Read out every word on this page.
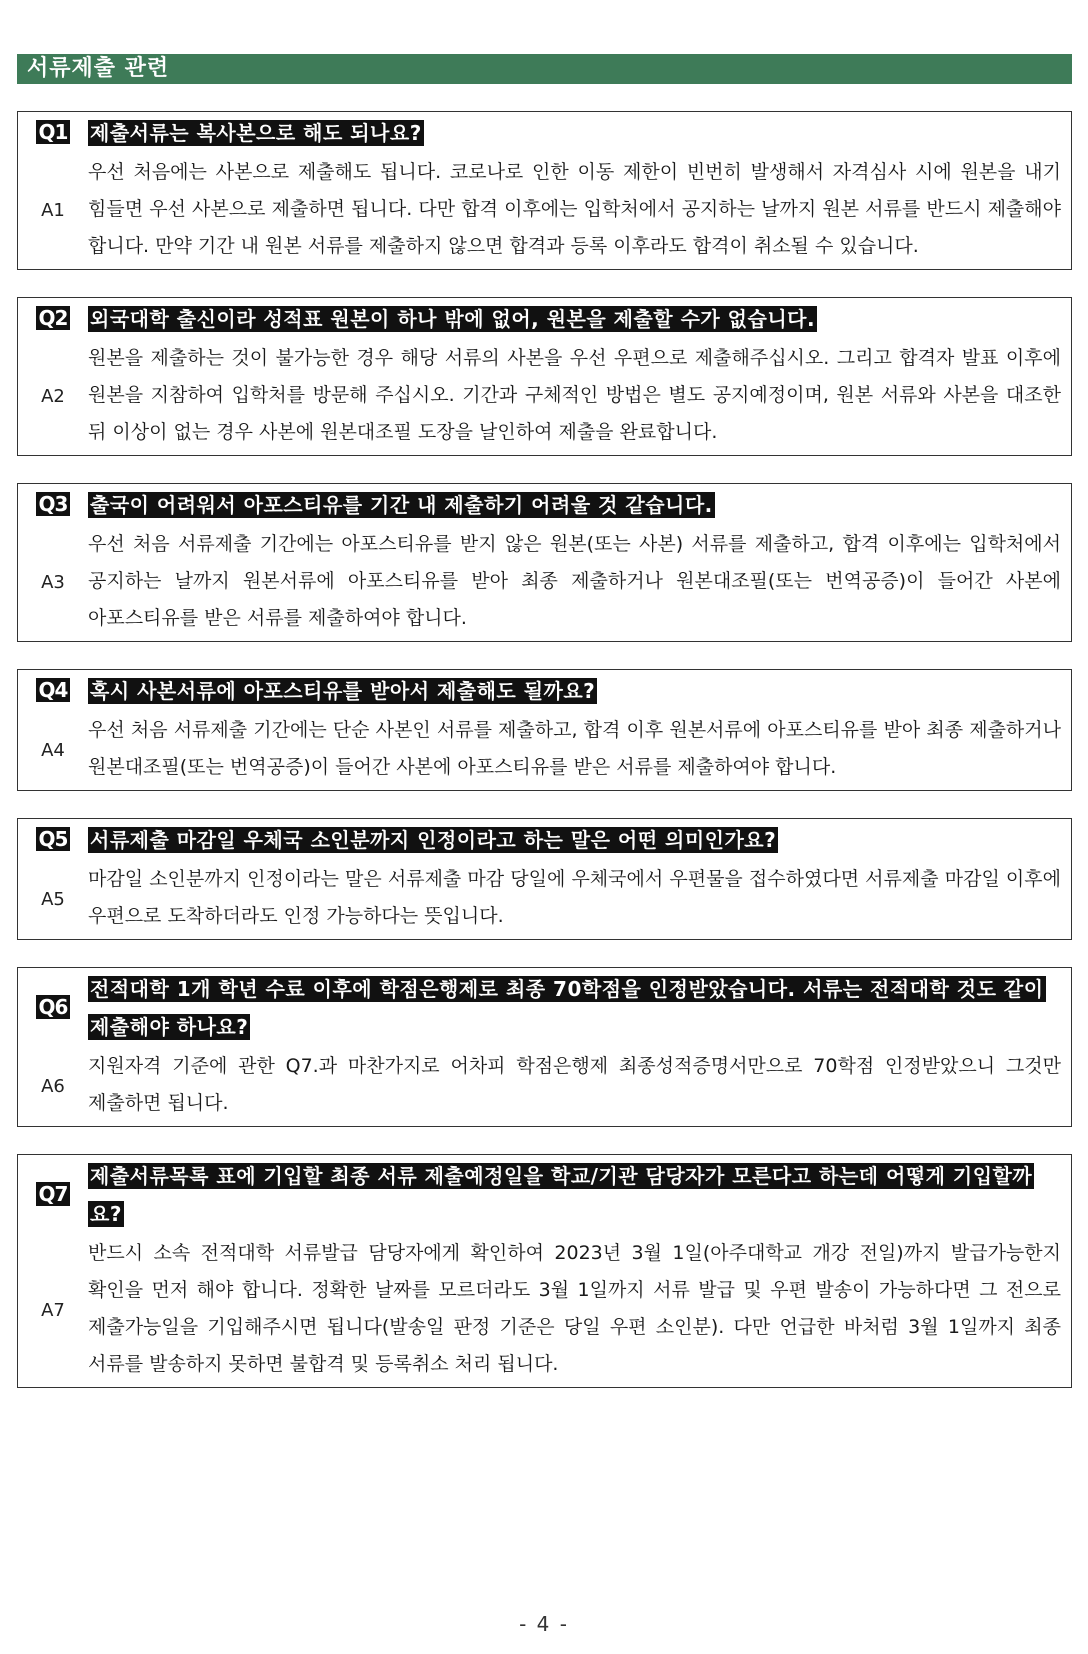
서류제출 관련
Q1 제출서류는 복사본으로 해도 되나요?
A1
우선 처음에는 사본으로 제출해도 됩니다. 코로나로 인한 이동 제한이 빈번히 발생해서 자격심사 시에 원본을 내기 힘들면 우선 사본으로 제출하면 됩니다. 다만 합격 이후에는 입학처에서 공지하는 날까지 원본 서류를 반드시 제출해야 합니다. 만약 기간 내 원본 서류를 제출하지 않으면 합격과 등록 이후라도 합격이 취소될 수 있습니다.
Q2 외국대학 출신이라 성적표 원본이 하나 밖에 없어, 원본을 제출할 수가 없습니다.
A2
원본을 제출하는 것이 불가능한 경우 해당 서류의 사본을 우선 우편으로 제출해주십시오. 그리고 합격자 발표 이후에 원본을 지참하여 입학처를 방문해 주십시오. 기간과 구체적인 방법은 별도 공지예정이며, 원본 서류와 사본을 대조한 뒤 이상이 없는 경우 사본에 원본대조필 도장을 날인하여 제출을 완료합니다.
Q3 출국이 어려워서 아포스티유를 기간 내 제출하기 어려울 것 같습니다.
A3
우선 처음 서류제출 기간에는 아포스티유를 받지 않은 원본(또는 사본) 서류를 제출하고, 합격 이후에는 입학처에서 공지하는 날까지 원본서류에 아포스티유를 받아 최종 제출하거나 원본대조필(또는 번역공증)이 들어간 사본에 아포스티유를 받은 서류를 제출하여야 합니다.
Q4 혹시 사본서류에 아포스티유를 받아서 제출해도 될까요?
A4
우선 처음 서류제출 기간에는 단순 사본인 서류를 제출하고, 합격 이후 원본서류에 아포스티유를 받아 최종 제출하거나 원본대조필(또는 번역공증)이 들어간 사본에 아포스티유를 받은 서류를 제출하여야 합니다.
Q5 서류제출 마감일 우체국 소인분까지 인정이라고 하는 말은 어떤 의미인가요?
A5
마감일 소인분까지 인정이라는 말은 서류제출 마감 당일에 우체국에서 우편물을 접수하였다면 서류제출 마감일 이후에 우편으로 도착하더라도 인정 가능하다는 뜻입니다.
Q6
전적대학 1개 학년 수료 이후에 학점은행제로 최종 70학점을 인정받았습니다. 서류는 전적대학 것도 같이 제출해야 하나요?
A6
지원자격 기준에 관한 Q7.과 마찬가지로 어차피 학점은행제 최종성적증명서만으로 70학점 인정받았으니 그것만 제출하면 됩니다.
Q7
제출서류목록 표에 기입할 최종 서류 제출예정일을 학교/기관 담당자가 모른다고 하는데 어떻게 기입할까요?
A7
반드시 소속 전적대학 서류발급 담당자에게 확인하여 2023년 3월 1일(아주대학교 개강 전일)까지 발급가능한지 확인을 먼저 해야 합니다. 정확한 날짜를 모르더라도 3월 1일까지 서류 발급 및 우편 발송이 가능하다면 그 전으로 제출가능일을 기입해주시면 됩니다(발송일 판정 기준은 당일 우편 소인분). 다만 언급한 바처럼 3월 1일까지 최종 서류를 발송하지 못하면 불합격 및 등록취소 처리 됩니다.
- 4 -
